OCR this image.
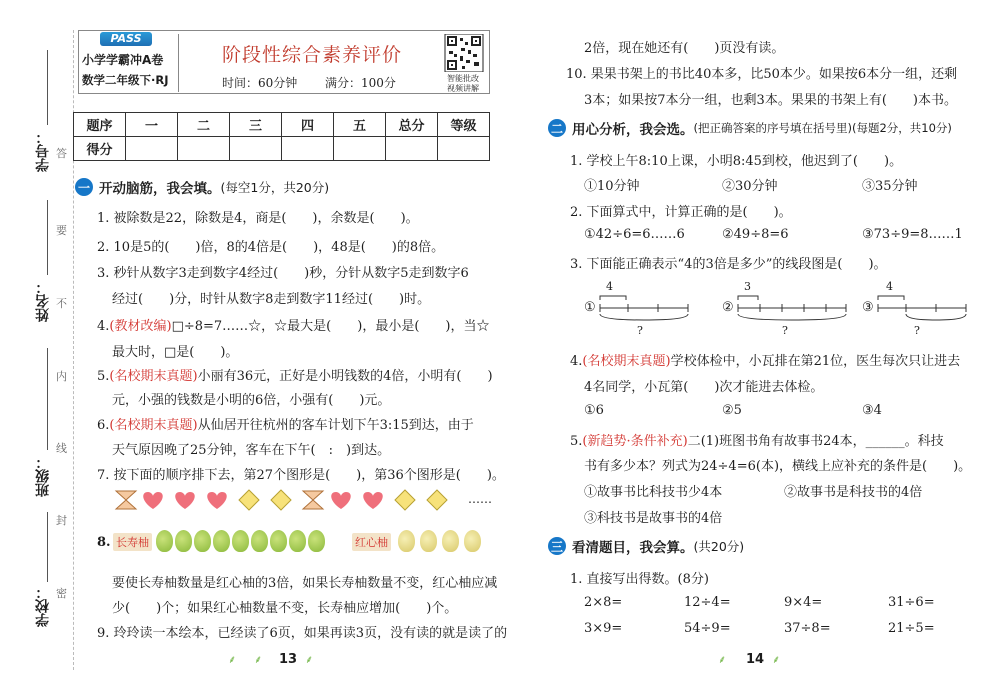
学校：
班级：
姓名：
学号： 答
要
不
内
线
封
密
PASS
小学学霸冲A卷
数学二年级下·RJ
阶段性综合素养评价
时间：60分钟 满分：100分	智能批改
视频讲解
题序	一	二	三	四	五	总分	等级
得分							
一 开动脑筋，我会填。 (每空1分，共20分)
1. 被除数是22，除数是4，商是(　　)，余数是(　　)。
2. 10是5的(　　)倍，8的4倍是(　　)，48是(　　)的8倍。
3. 秒针从数字3走到数字4经过(　　)秒，分针从数字5走到数字6
经过(　　)分，时针从数字8走到数字11经过(　　)时。
4.(教材改编)□÷8=7……☆，☆最大是(　　)，最小是(　　)，当☆
最大时，□是(　　)。
5.(名校期末真题)小丽有36元，正好是小明钱数的4倍，小明有(　　)
元，小强的钱数是小明的6倍，小强有(　　)元。
6.(名校期末真题)从仙居开往杭州的客车计划下午3:15到达，由于
天气原因晚了25分钟，客车在下午(　:　)到达。
7. 按下面的顺序排下去，第27个图形是(　　)，第36个图形是(　　)。
……
8. 长寿柚	红心柚
要使长寿柚数量是红心柚的3倍，如果长寿柚数量不变，红心柚应减
少(　　)个；如果红心柚数量不变，长寿柚应增加(　　)个。
9. 玲玲读一本绘本，已经读了6页，如果再读3页，没有读的就是读了的
⸙ ⸙ 13 ⸙
2倍，现在她还有(　　)页没有读。
10. 果果书架上的书比40本多，比50本少。如果按6本分一组，还剩
3本；如果按7本分一组，也剩3本。果果的书架上有(　　)本书。
二 用心分析，我会选。 (把正确答案的序号填在括号里)(每题2分，共10分)
1. 学校上午8:10上课，小明8:45到校，他迟到了(　　)。
①10分钟	②30分钟	③35分钟
2. 下面算式中，计算正确的是(　　)。
①42÷6=6……6	②49÷8=6	③73÷9=8……1
3. 下面能正确表示“4的3倍是多少”的线段图是(　　)。
①
4
?
②
3
?
③
4
?
4.(名校期末真题)学校体检中，小瓦排在第21位，医生每次只让进去
4名同学，小瓦第(　　)次才能进去体检。
①6	②5	③4
5.(新趋势·条件补充)二(1)班图书角有故事书24本，______。科技
书有多少本？列式为24÷4=6(本)，横线上应补充的条件是(　　)。
①故事书比科技书少4本	②故事书是科技书的4倍
③科技书是故事书的4倍
三 看清题目，我会算。 (共20分)
1. 直接写出得数。(8分)
2×8=	12÷4=	9×4=	31÷6=
3×9=	54÷9=	37÷8=	21÷5=
⸙ 14 ⸙
